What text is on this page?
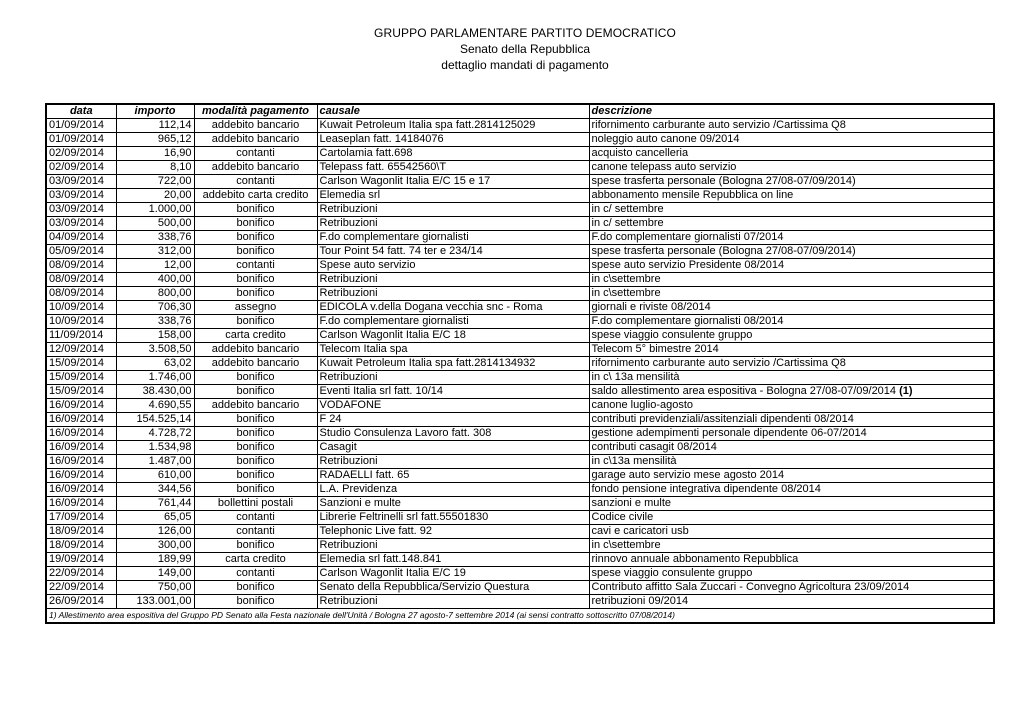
GRUPPO PARLAMENTARE PARTITO DEMOCRATICO
Senato della Repubblica
dettaglio mandati di pagamento
data	importo	modalità pagamento	causale	descrizione
01/09/2014	112,14	addebito bancario	Kuwait Petroleum Italia spa fatt.2814125029	rifornimento carburante auto servizio /Cartissima Q8
01/09/2014	965,12	addebito bancario	Leaseplan fatt. 14184076	noleggio auto canone 09/2014
02/09/2014	16,90	contanti	Cartolamia fatt.698	acquisto cancelleria
02/09/2014	8,10	addebito bancario	Telepass fatt. 65542560\T	canone telepass auto servizio
03/09/2014	722,00	contanti	Carlson Wagonlit Italia E/C 15 e 17	spese trasferta personale (Bologna 27/08-07/09/2014)
03/09/2014	20,00	addebito carta credito	Elemedia srl	abbonamento mensile Repubblica on line
03/09/2014	1.000,00	bonifico	Retribuzioni	in c/ settembre
03/09/2014	500,00	bonifico	Retribuzioni	in c/ settembre
04/09/2014	338,76	bonifico	F.do complementare giornalisti	F.do complementare giornalisti 07/2014
05/09/2014	312,00	bonifico	Tour Point 54 fatt. 74 ter e 234/14	spese trasferta personale (Bologna 27/08-07/09/2014)
08/09/2014	12,00	contanti	Spese auto servizio	spese auto servizio Presidente 08/2014
08/09/2014	400,00	bonifico	Retribuzioni	in c\settembre
08/09/2014	800,00	bonifico	Retribuzioni	in c\settembre
10/09/2014	706,30	assegno	EDICOLA v.della Dogana vecchia snc - Roma	giornali e riviste 08/2014
10/09/2014	338,76	bonifico	F.do complementare giornalisti	F.do complementare giornalisti 08/2014
11/09/2014	158,00	carta credito	Carlson Wagonlit Italia E/C 18	spese viaggio consulente gruppo
12/09/2014	3.508,50	addebito bancario	Telecom Italia spa	Telecom 5° bimestre 2014
15/09/2014	63,02	addebito bancario	Kuwait Petroleum Italia spa fatt.2814134932	rifornimento carburante auto servizio /Cartissima Q8
15/09/2014	1.746,00	bonifico	Retribuzioni	in c\ 13a mensilità
15/09/2014	38.430,00	bonifico	Eventi Italia srl fatt. 10/14	saldo allestimento area espositiva - Bologna 27/08-07/09/2014 (1)
16/09/2014	4.690,55	addebito bancario	VODAFONE	canone luglio-agosto
16/09/2014	154.525,14	bonifico	F 24	contributi previdenziali/assitenziali dipendenti 08/2014
16/09/2014	4.728,72	bonifico	Studio Consulenza Lavoro fatt. 308	gestione adempimenti personale dipendente 06-07/2014
16/09/2014	1.534,98	bonifico	Casagit	contributi casagit 08/2014
16/09/2014	1.487,00	bonifico	Retribuzioni	in c\13a mensilità
16/09/2014	610,00	bonifico	RADAELLI fatt. 65	garage auto servizio mese agosto 2014
16/09/2014	344,56	bonifico	L.A. Previdenza	fondo pensione integrativa dipendente 08/2014
16/09/2014	761,44	bollettini postali	Sanzioni e multe	sanzioni e multe
17/09/2014	65,05	contanti	Librerie Feltrinelli srl fatt.55501830	Codice civile
18/09/2014	126,00	contanti	Telephonic Live fatt. 92	cavi e caricatori usb
18/09/2014	300,00	bonifico	Retribuzioni	in c\settembre
19/09/2014	189,99	carta credito	Elemedia srl fatt.148.841	rinnovo annuale abbonamento Repubblica
22/09/2014	149,00	contanti	Carlson Wagonlit Italia E/C 19	spese viaggio consulente gruppo
22/09/2014	750,00	bonifico	Senato della Repubblica/Servizio Questura	Contributo affitto Sala Zuccari - Convegno Agricoltura 23/09/2014
26/09/2014	133.001,00	bonifico	Retribuzioni	retribuzioni 09/2014
1) Allestimento area espositiva del Gruppo PD Senato alla Festa nazionale dell'Unità / Bologna 27 agosto-7 settembre 2014 (ai sensi contratto sottoscritto 07/08/2014)				
